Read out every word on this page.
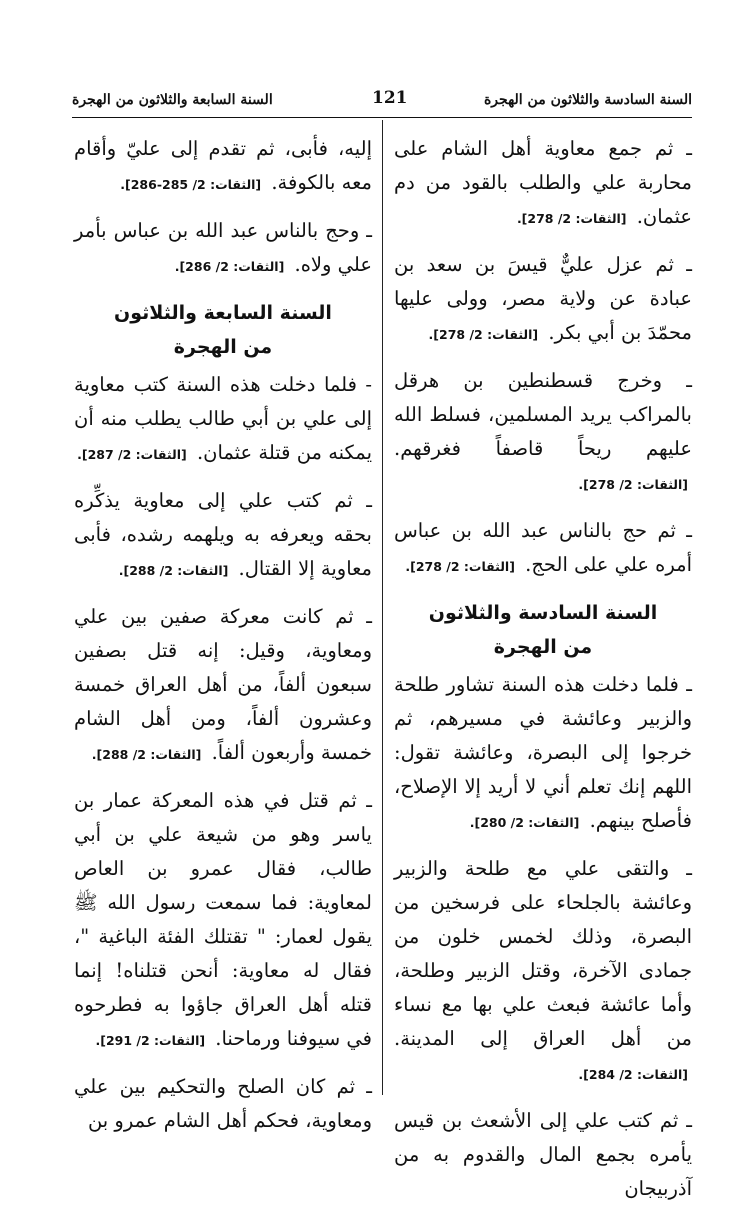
السنة السادسة والثلاثون من الهجرة
121
السنة السابعة والثلاثون من الهجرة

ـ ثم جمع معاوية أهل الشام على محاربة علي والطلب بالقود من دم عثمان. [الثقات: 2/ 278].

ـ ثم عزل عليٌّ قيسَ بن سعد بن عبادة عن ولاية مصر، وولى عليها محمّدَ بن أبي بكر. [الثقات: 2/ 278].

ـ وخرج قسطنطين بن هرقل بالمراكب يريد المسلمين، فسلط الله عليهم ريحاً قاصفاً فغرقهم. [الثقات: 2/ 278].

ـ ثم حج بالناس عبد الله بن عباس أمره علي على الحج. [الثقات: 2/ 278].

السنة السادسة والثلاثون
من الهجرة

ـ فلما دخلت هذه السنة تشاور طلحة والزبير وعائشة في مسيرهم، ثم خرجوا إلى البصرة، وعائشة تقول: اللهم إنك تعلم أني لا أريد إلا الإصلاح، فأصلح بينهم. [الثقات: 2/ 280].

ـ والتقى علي مع طلحة والزبير وعائشة بالجلحاء على فرسخين من البصرة، وذلك لخمس خلون من جمادى الآخرة، وقتل الزبير وطلحة، وأما عائشة فبعث علي بها مع نساء من أهل العراق إلى المدينة. [الثقات: 2/ 284].

ـ ثم كتب علي إلى الأشعث بن قيس يأمره بجمع المال والقدوم به من آذربيجان

إليه، فأبى، ثم تقدم إلى عليّ وأقام معه بالكوفة. [الثقات: 2/ 285-286].

ـ وحج بالناس عبد الله بن عباس بأمر علي ولاه. [الثقات: 2/ 286].

السنة السابعة والثلاثون
من الهجرة

- فلما دخلت هذه السنة كتب معاوية إلى علي بن أبي طالب يطلب منه أن يمكنه من قتلة عثمان. [الثقات: 2/ 287].

ـ ثم كتب علي إلى معاوية يذكِّره بحقه ويعرفه به ويلهمه رشده، فأبى معاوية إلا القتال. [الثقات: 2/ 288].

ـ ثم كانت معركة صفين بين علي ومعاوية، وقيل: إنه قتل بصفين سبعون ألفاً، من أهل العراق خمسة وعشرون ألفاً، ومن أهل الشام خمسة وأربعون ألفاً. [الثقات: 2/ 288].

ـ ثم قتل في هذه المعركة عمار بن ياسر وهو من شيعة علي بن أبي طالب، فقال عمرو بن العاص لمعاوية: فما سمعت رسول الله ﷺ يقول لعمار: " تقتلك الفئة الباغية "، فقال له معاوية: أنحن قتلناه! إنما قتله أهل العراق جاؤوا به فطرحوه في سيوفنا ورماحنا. [الثقات: 2/ 291].

ـ ثم كان الصلح والتحكيم بين علي ومعاوية، فحكم أهل الشام عمرو بن
